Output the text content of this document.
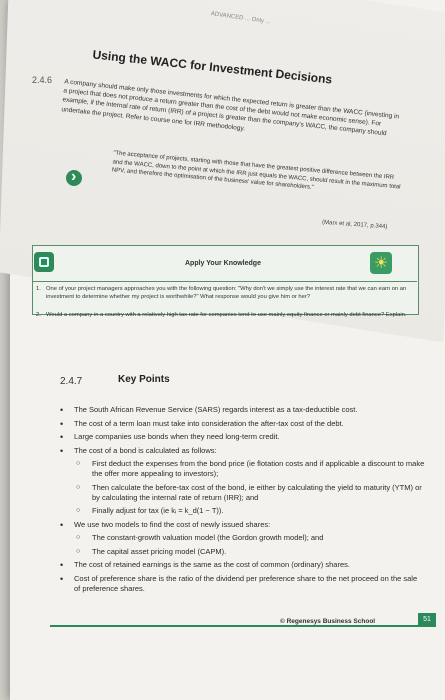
ADVANCED ... Only ...
2.4.6	Using the WACC for Investment Decisions
A company should make only those investments for which the expected return is greater than the WACC (investing in a project that does not produce a return greater than the cost of the debt would not make economic sense). For example, if the internal rate of return (IRR) of a project is greater than the company's WACC, the company should undertake the project. Refer to course one for IRR methodology.
›
"The acceptance of projects, starting with those that have the greatest positive difference between the IRR and the WACC, down to the point at which the IRR just equals the WACC, should result in the maximum total NPV, and therefore the optimisation of the business' value for shareholders."
(Marx et al, 2017, p.344)
☀
Apply Your Knowledge
1. One of your project managers approaches you with the following question: "Why don't we simply use the interest rate that we can earn on an investment to determine whether my project is worthwhile?" What response would you give him or her?
2. Would a company in a country with a relatively high tax rate for companies tend to use mainly equity finance or mainly debt finance? Explain.
2.4.7	Key Points
• The South African Revenue Service (SARS) regards interest as a tax-deductible cost.
• The cost of a term loan must take into consideration the after-tax cost of the debt.
• Large companies use bonds when they need long-term credit.
• The cost of a bond is calculated as follows:
○ First deduct the expenses from the bond price (ie flotation costs and if applicable a discount to make the offer more appealing to investors);
○ Then calculate the before-tax cost of the bond, ie either by calculating the yield to maturity (YTM) or by calculating the internal rate of return (IRR); and
○ Finally adjust for tax (ie kᵢ = k_d(1 − T)).
• We use two models to find the cost of newly issued shares:
○ The constant-growth valuation model (the Gordon growth model); and
○ The capital asset pricing model (CAPM).
• The cost of retained earnings is the same as the cost of common (ordinary) shares.
• Cost of preference share is the ratio of the dividend per preference share to the net proceed on the sale of preference shares.
© Regenesys Business School	51
